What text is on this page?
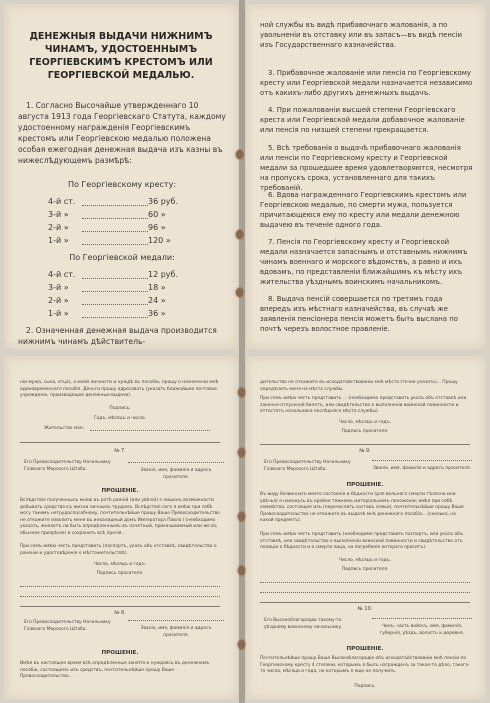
ДЕНЕЖНЫЯ ВЫДАЧИ НИЖНИМЪ
ЧИНАМЪ, УДОСТОЕННЫМЪ
ГЕОРГІЕВСКИМЪ КРЕСТОМЪ ИЛИ
ГЕОРГІЕВСКОЙ МЕДАЛЬЮ.
1. Согласно Высочайше утвержденнаго 10 августа 1913 года Георгіевскаго Статута, каждому удостоенному награжденія Георгіевскимъ крестомъ или Георгіевскою медалью положена особая ежегодная денежная выдача изъ казны въ нижеслѣдующемъ размѣрѣ:
По Георгіевскому кресту:
4-й ст.	36 руб.
3-й »	60 »
2-й »	96 »
1-й »	120 »
По Георгіевской медали:
4-й ст.	12 руб.
3-й »	18 »
2-й »	24 »
1-й »	36 »
2. Означенная денежная выдача производится нижнимъ чинамъ дѣйствитель-
ной службы въ видѣ прибавочнаго жалованія, а по увольненіи въ отставку или въ запасъ—въ видѣ пенсіи изъ Государственнаго казначейства.
3. Прибавочное жалованіе или пенсія по Георгіевскому кресту или Георгіевской медали назначается независимо отъ какихъ-либо другихъ денежныхъ выдачъ.
4. При пожалованіи высшей степени Георгіевскаго креста или Георгіевской медали добавочное жалованіе или пенсія по низшей степени прекращается.
5. Всѣ требованія о выдачѣ прибавочнаго жалованія или пенсіи по Георгіевскому кресту и Георгіевской медали за прошедшее время удовлетворяются, несмотря на пропускъ срока, установленнаго для такихъ требованій.
6. Вдова награжденнаго Георгіевскимъ крестомъ или Георгіевскою медалью, по смерти мужа, пользуется причитающеюся ему по кресту или медали денежною выдачею въ теченіе одного года.
7. Пенсія по Георгіевскому кресту и Георгіевской медали назначается запаснымъ и отставнымъ нижнимъ чинамъ военнаго и морского вѣдомствъ, а равно и ихъ вдовамъ, по представленіи ближайшимъ къ мѣсту ихъ жительства уѣзднымъ воинскимъ начальникомъ.
8. Выдача пенсій совершается по третямъ года впередъ изъ мѣстнаго казначейства, въ случаѣ же заявленія пенсіонера пенсія можетъ быть выслана по почтѣ черезъ волостное правленіе.
ніи мужа, сына, отца), а моей личности и нуждѣ въ пособіи, прошу о назначеніи мнѣ единовременнаго пособія. Деньги прошу адресовать (указать ближайшее почтовое учрежденіе, производящее денежныя выдачи).
Подпись.
Годъ, мѣсяцъ и число.
Жительство мое:
№ 7.
Его Превосходительству Начальнику Главнаго Морского Штаба.	Званіе, имя, фамилія и адресъ просителя.
ПРОШЕНІЕ.
Вслѣдствіе полученныхъ мною въ ротѣ ранній (или увѣчій) я лишенъ возможности добывать средства къ жизни личнымъ трудомъ. Вслѣдствіе сего я имѣю при себѣ могу такимъ нетрудоспособному, почтительнѣйше прошу Ваше Превосходительство не откажите изволить меня въ инвалидный домъ Императора Павла I (необходимо указать, желаетъ ли быть опредѣленнымъ въ почетный, приказываемый или же въ обычное призрѣніе) и сохранить всѣ прочія...
При семъ имѣю честь представить (паспортъ, указъ объ отставкѣ, свидѣтельство о раненіи и удостовѣреніе о мѣстожительствѣ).
Число, мѣсяцъ и годъ.
Подпись просителя.
№ 8.
Его Превосходительству Начальнику Главнаго Морского Штаба.	Званіе, имя, фамилія и адресъ просителя.
ПРОШЕНІЕ.
Имѣя въ настоящее время всѣ опредѣленныя занятія и нуждаясь въ денежномъ пособіи, состоящемъ изъ средствъ, почтительнѣйше прошу Ваше Превосходительство...
дительство не откажите въ исходатайствованіи мнѣ мѣста (точно указать)... Прошу опредѣлить меня на мѣсто службы.
При семъ имѣю честь представить ... (необходимо представить указъ объ отставкѣ или законно-отпускной билетъ, или свидѣтельство о выполненіи воинской повинности и аттестатъ начальника послѣдняго мѣста службы).
Число, мѣсяцъ и годъ.
Подпись просителя.
№ 9.
Его Превосходительству Начальнику Главнаго Морского Штаба.	Званіе, имя, фамилія и адресъ просителя.
ПРОШЕНІЕ.
Въ виду безвиннаго моего состоянія и бѣдности (для вольнаго смерти тѣлесно или увѣчья) я нахожусь въ крайне тяжкомъ матеріальномъ положеніи; имѣя при себѣ семейство, состоящее изъ (перечислить составъ семьи), почтительнѣйше прошу Ваше Превосходительство не откажите въ выдачѣ мнѣ денежнаго пособія... (сколько, на какой предметъ).
При семъ имѣю честь представить (необходимо представить паспортъ, или указъ объ отставкѣ, или свидѣтельство о выполненіи воинской повинности и свидѣтельство отъ полиціи о бѣдности и о смерти лица, на погребеніе котораго проситъ).
Число, мѣсяцъ и годъ.
Подпись просителя.
№ 10.
Его Высокоблагородію такому-то уѣздному воинскому начальнику.	Чинъ, часть войскъ, имя, фамилія, губернія, уѣздъ, волость и деревня.
ПРОШЕНІЕ.
Почтительнѣйше прошу Ваше Высокоблагородіе объ исходатайствованіи мнѣ пенсіи по Георгіевскому кресту 4 степени, которымъ я былъ награжденъ за такое-то дѣло, такого-то числа, мѣсяца и года, но которымъ я еще не получилъ.
Подпись.
